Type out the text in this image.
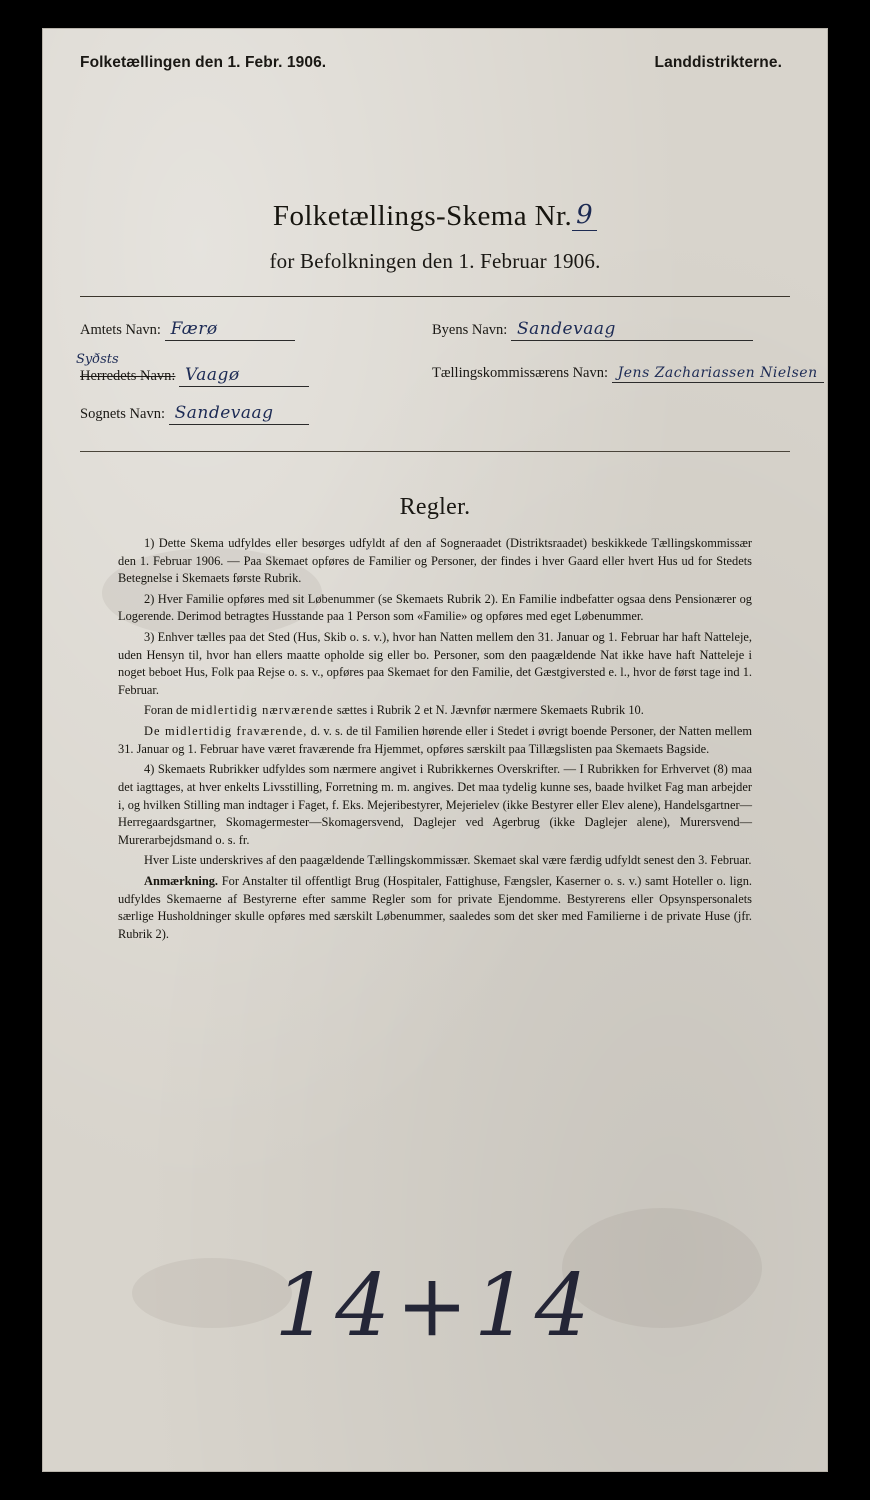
Folketællingen den 1. Febr. 1906.	Landdistrikterne.
Folketællings-Skema Nr. 9
for Befolkningen den 1. Februar 1906.
Amtets Navn: Færø
Syðsts
Herredets Navn: Vaagø
Sognets Navn: Sandevaag
Byens Navn: Sandevaag
Tællingskommissærens Navn: Jens Zachariassen Nielsen
Regler.

1) Dette Skema udfyldes eller besørges udfyldt af den af Sogneraadet (Distriktsraadet) beskikkede Tællingskommissær den 1. Februar 1906. — Paa Skemaet opføres de Familier og Personer, der findes i hver Gaard eller hvert Hus ud for Stedets Betegnelse i Skemaets første Rubrik.

2) Hver Familie opføres med sit Løbenummer (se Skemaets Rubrik 2). En Familie indbefatter ogsaa dens Pensionærer og Logerende. Derimod betragtes Husstande paa 1 Person som «Familie» og opføres med eget Løbenummer.

3) Enhver tælles paa det Sted (Hus, Skib o. s. v.), hvor han Natten mellem den 31. Januar og 1. Februar har haft Natteleje, uden Hensyn til, hvor han ellers maatte opholde sig eller bo. Personer, som den paagældende Nat ikke have haft Natteleje i noget beboet Hus, Folk paa Rejse o. s. v., opføres paa Skemaet for den Familie, det Gæstgiversted e. l., hvor de først tage ind 1. Februar.

Foran de midlertidig nærværende sættes i Rubrik 2 et N. Jævnfør nærmere Skemaets Rubrik 10.

De midlertidig fraværende, d. v. s. de til Familien hørende eller i Stedet i øvrigt boende Personer, der Natten mellem 31. Januar og 1. Februar have været fraværende fra Hjemmet, opføres særskilt paa Tillægslisten paa Skemaets Bagside.

4) Skemaets Rubrikker udfyldes som nærmere angivet i Rubrikkernes Overskrifter. — I Rubrikken for Erhvervet (8) maa det iagttages, at hver enkelts Livsstilling, Forretning m. m. angives. Det maa tydelig kunne ses, baade hvilket Fag man arbejder i, og hvilken Stilling man indtager i Faget, f. Eks. Mejeribestyrer, Mejerielev (ikke Bestyrer eller Elev alene), Handelsgartner—Herregaardsgartner, Skomagermester—Skomagersvend, Daglejer ved Agerbrug (ikke Daglejer alene), Murersvend—Murerarbejdsmand o. s. fr.

Hver Liste underskrives af den paagældende Tællingskommissær. Skemaet skal være færdig udfyldt senest den 3. Februar.

Anmærkning. For Anstalter til offentligt Brug (Hospitaler, Fattighuse, Fængsler, Kaserner o. s. v.) samt Hoteller o. lign. udfyldes Skemaerne af Bestyrerne efter samme Regler som for private Ejendomme. Bestyrerens eller Opsynspersonalets særlige Husholdninger skulle opføres med særskilt Løbenummer, saaledes som det sker med Familierne i de private Huse (jfr. Rubrik 2).

14+14
